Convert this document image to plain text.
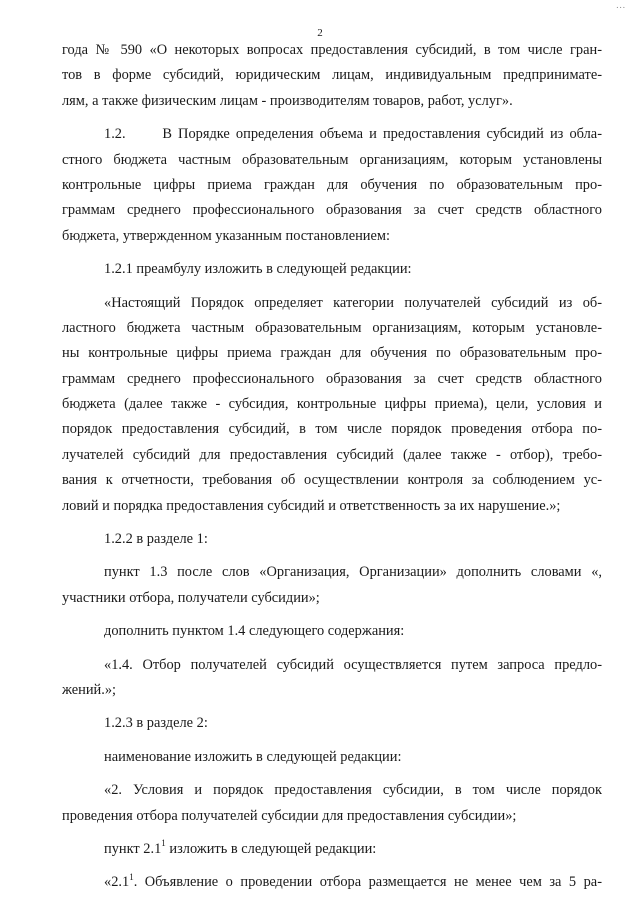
...
2
года № 590 «О некоторых вопросах предоставления субсидий, в том числе гран-
тов в форме субсидий, юридическим лицам, индивидуальным предпринимате-
лям, а также физическим лицам - производителям товаров, работ, услуг».
1.2.      В Порядке определения объема и предоставления субсидий из обла-
стного бюджета частным образовательным организациям, которым установлены
контрольные цифры приема граждан для обучения по образовательным про-
граммам среднего профессионального образования за счет средств областного
бюджета, утвержденном указанным постановлением:
1.2.1 преамбулу изложить в следующей редакции:
«Настоящий Порядок определяет категории получателей субсидий из об-
ластного бюджета частным образовательным организациям, которым установле-
ны контрольные цифры приема граждан для обучения по образовательным про-
граммам среднего профессионального образования за счет средств областного
бюджета (далее также - субсидия, контрольные цифры приема), цели, условия и
порядок предоставления субсидий, в том числе порядок проведения отбора по-
лучателей субсидий для предоставления субсидий (далее также - отбор), требо-
вания к отчетности, требования об осуществлении контроля за соблюдением ус-
ловий и порядка предоставления субсидий и ответственность за их нарушение.»;
1.2.2 в разделе 1:
пункт 1.3 после слов «Организация, Организации» дополнить словами «,
участники отбора, получатели субсидии»;
дополнить пунктом 1.4 следующего содержания:
«1.4. Отбор получателей субсидий осуществляется путем запроса предло-
жений.»;
1.2.3 в разделе 2:
наименование изложить в следующей редакции:
«2. Условия и порядок предоставления субсидии, в том числе порядок
проведения отбора получателей субсидии для предоставления субсидии»;
пункт $2.1^1$ изложить в следующей редакции:
«$2.1^1$. Объявление о проведении отбора размещается не менее чем за 5 ра-
